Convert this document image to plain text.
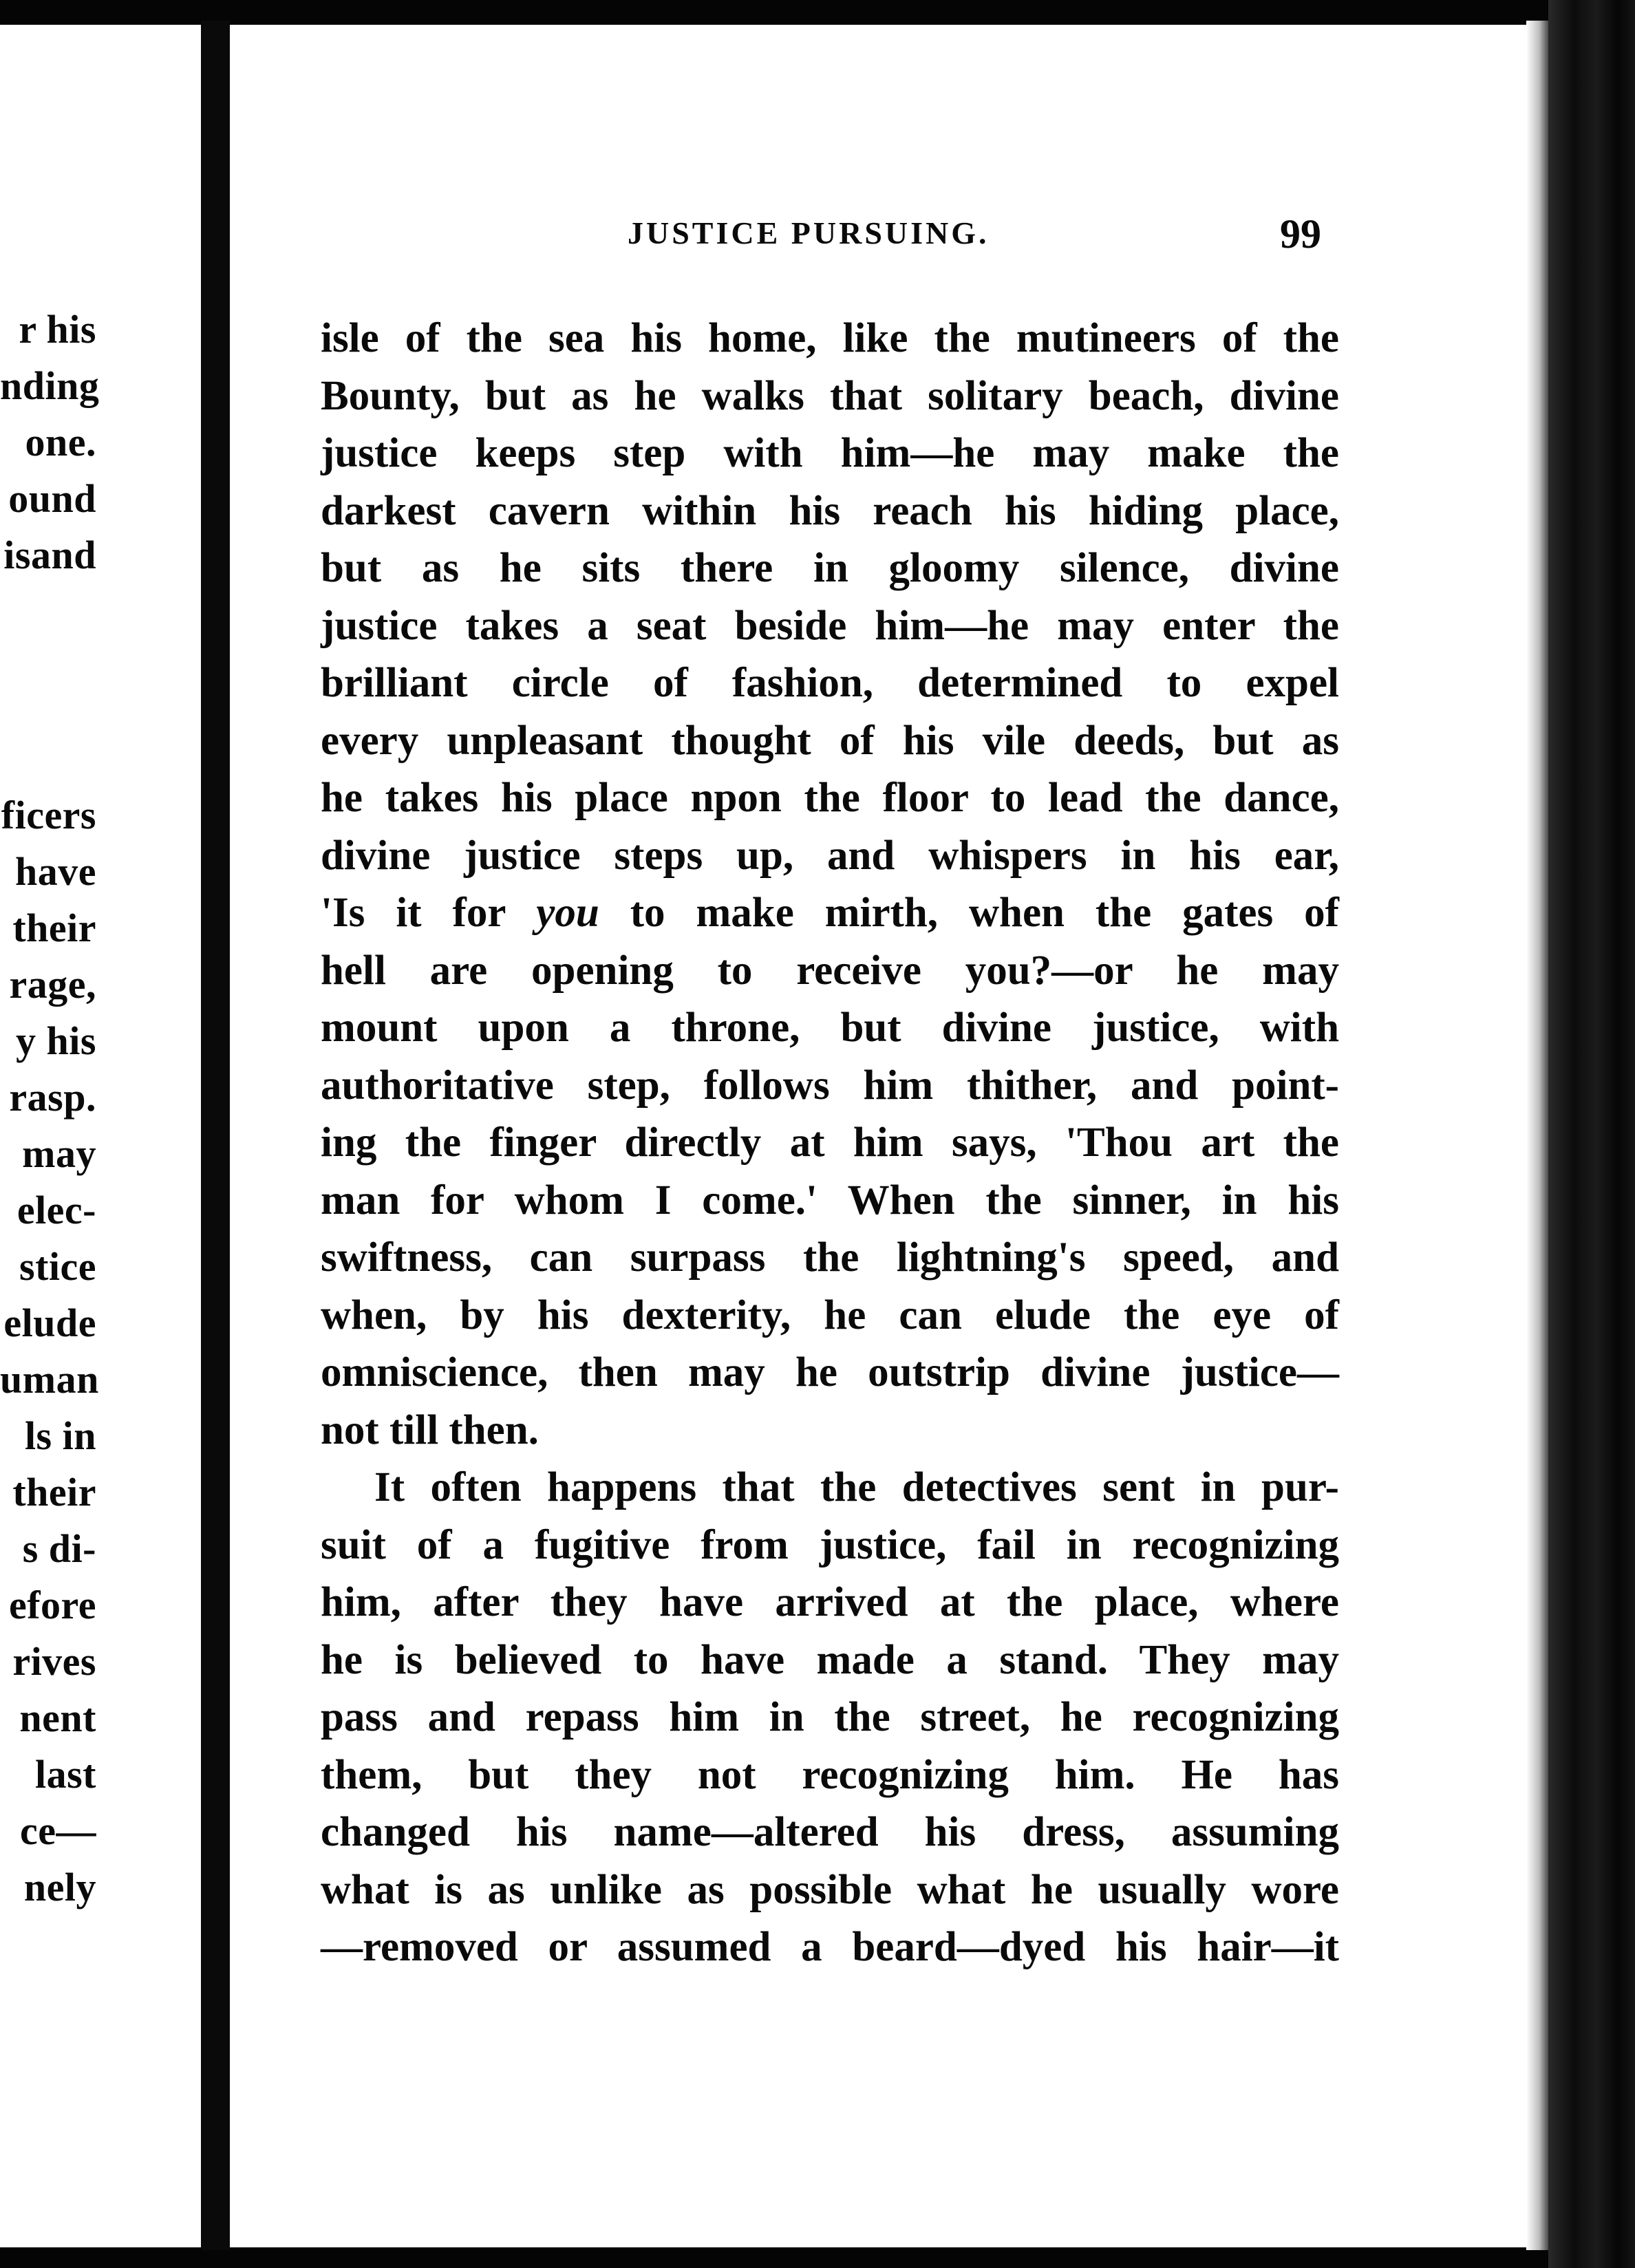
r his
nding
one.
ound
isand
ficers
have
their
rage,
y his
rasp.
may
elec-
stice
elude
uman
ls in
their
s di-
efore
rives
nent
last
ce—
nely
JUSTICE PURSUING.	99
isle of the sea his home, like the mutineers of the
Bounty, but as he walks that solitary beach, divine
justice keeps step with him—he may make the
darkest cavern within his reach his hiding place,
but as he sits there in gloomy silence, divine
justice takes a seat beside him—he may enter the
brilliant circle of fashion, determined to expel
every unpleasant thought of his vile deeds, but as
he takes his place npon the floor to lead the dance,
divine justice steps up, and whispers in his ear,
'Is it for you to make mirth, when the gates of
hell are opening to receive you?—or he may
mount upon a throne, but divine justice, with
authoritative step, follows him thither, and point-
ing the finger directly at him says, 'Thou art the
man for whom I come.' When the sinner, in his
swiftness, can surpass the lightning's speed, and
when, by his dexterity, he can elude the eye of
omniscience, then may he outstrip divine justice—
not till then.
It often happens that the detectives sent in pur-
suit of a fugitive from justice, fail in recognizing
him, after they have arrived at the place, where
he is believed to have made a stand. They may
pass and repass him in the street, he recognizing
them, but they not recognizing him. He has
changed his name—altered his dress, assuming
what is as unlike as possible what he usually wore
—removed or assumed a beard—dyed his hair—it
